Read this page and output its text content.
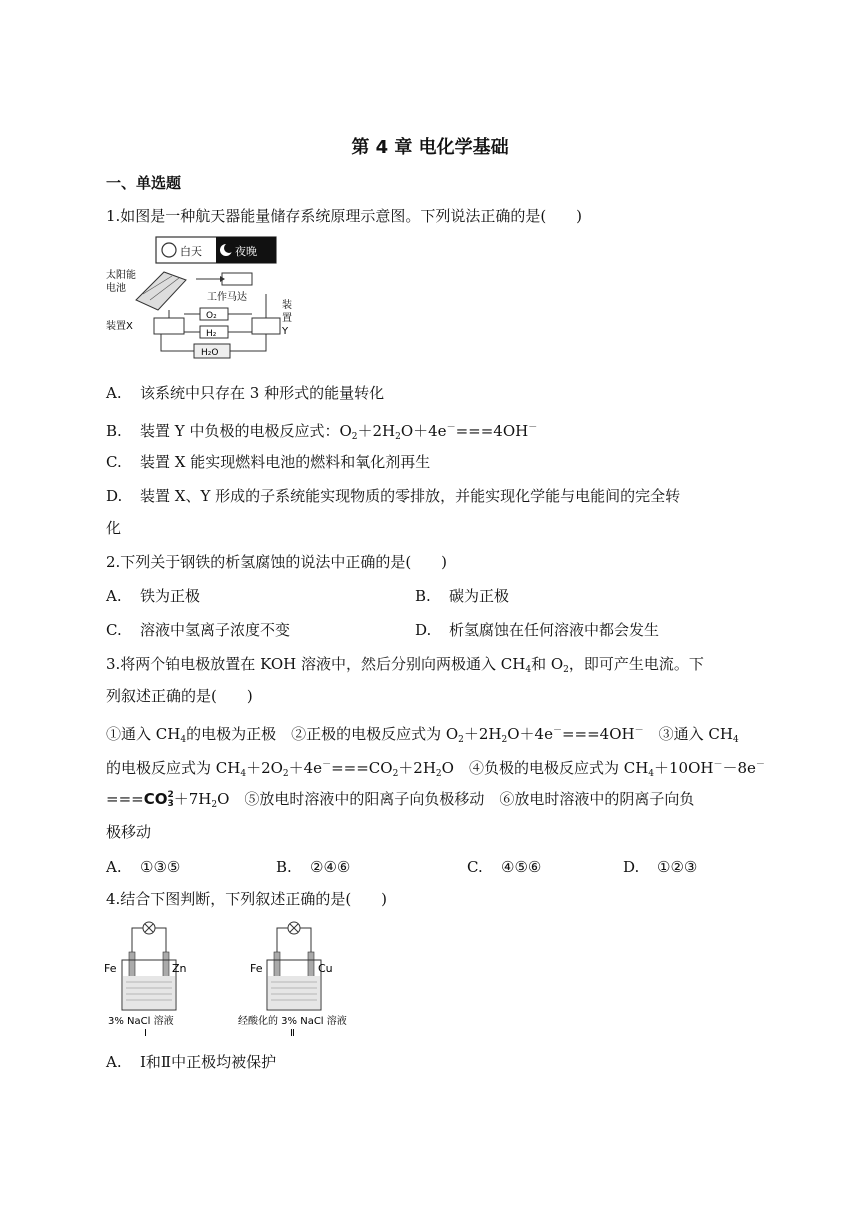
第 4 章 电化学基础
一、单选题
1.如图是一种航天器能量储存系统原理示意图。下列说法正确的是(　　)
白天	夜晚
太阳能
电池
工作马达
装置X
装
置
Y
O₂
H₂
H₂O
A. 该系统中只存在 3 种形式的能量转化
B. 装置 Y 中负极的电极反应式：$O_2+2H_2O+4e^-===4OH^-$
C. 装置 X 能实现燃料电池的燃料和氧化剂再生
D. 装置 X、Y 形成的子系统能实现物质的零排放，并能实现化学能与电能间的完全转
化
2.下列关于钢铁的析氢腐蚀的说法中正确的是(　　)
A. 铁为正极	B. 碳为正极
C. 溶液中氢离子浓度不变	D. 析氢腐蚀在任何溶液中都会发生
3.将两个铂电极放置在 KOH 溶液中，然后分别向两极通入 $CH_4$和 $O_2$，即可产生电流。下
列叙述正确的是(　　)
①通入 $CH_4$的电极为正极　②正极的电极反应式为 $O_2+2H_2O+4e^-===4OH^-$　③通入 $CH_4$
的电极反应式为 $CH_4+2O_2+4e^-===CO_2+2H_2O$　④负极的电极反应式为 $CH_4+10OH^--8e^-$
===CO 2
$3 +7H_2O$　⑤放电时溶液中的阳离子向负极移动　⑥放电时溶液中的阴离子向负
极移动
A. ①③⑤	B. ②④⑥	C. ④⑤⑥	D. ①②③
4.结合下图判断，下列叙述正确的是(　　)
Fe	Zn
3% NaCl 溶液
Ⅰ
Fe	Cu
经酸化的 3% NaCl 溶液
Ⅱ
A. Ⅰ和Ⅱ中正极均被保护
